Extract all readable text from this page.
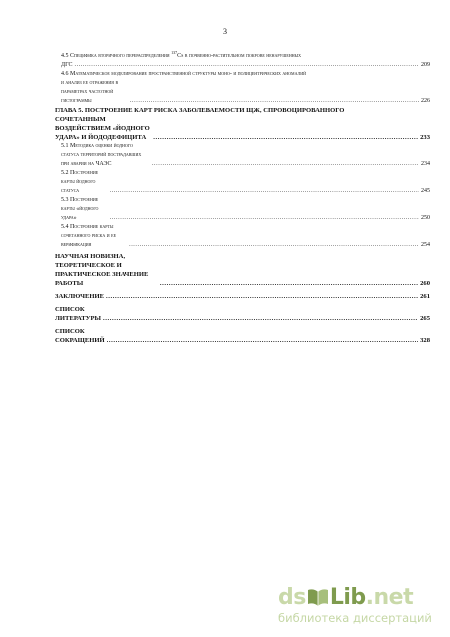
3
4.5 Специфика вторичного перераспределения $^{137}$Cs в почвенно-растительном покрове ненарушенных
ДГС .....	209
4.6 Математическое моделирование пространственной структуры моно- и полицентрических аномалий
и анализ ее отражения в параметрах частотной гистограммы .....	226
ГЛАВА 5. ПОСТРОЕНИЕ КАРТ РИСКА ЗАБОЛЕВАЕМОСТИ ЩЖ, СПРОВОЦИРОВАННОГО
СОЧЕТАННЫМ ВОЗДЕЙСТВИЕМ «ЙОДНОГО УДАРА» И ЙОДОДЕФИЦИТА .....	233
5.1 Методика оценки йодного статуса территорий пострадавших при аварии на ЧАЭС .....	234
5.2 Построение карты йодного статуса .....	245
5.3 Построение карты «йодного удара» .....	250
5.4 Построение карты сочетанного риска и ее верификация .....	254
НАУЧНАЯ НОВИЗНА, ТЕОРЕТИЧЕСКОЕ И ПРАКТИЧЕСКОЕ ЗНАЧЕНИЕ РАБОТЫ .....	260
ЗАКЛЮЧЕНИЕ .....	261
СПИСОК ЛИТЕРАТУРЫ .....	265
СПИСОК СОКРАЩЕНИЙ .....	328
ds Lib .net
библиотека диссертаций
